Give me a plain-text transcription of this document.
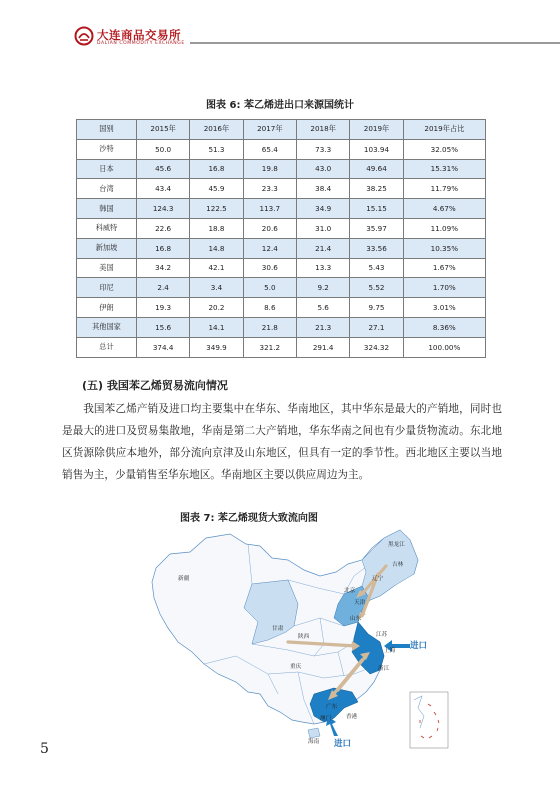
大连商品交易所
DALIAN COMMODITY EXCHANGE
图表 6: 苯乙烯进出口来源国统计
国别	2015年	2016年	2017年	2018年	2019年	2019年占比
沙特	50.0	51.3	65.4	73.3	103.94	32.05%
日本	45.6	16.8	19.8	43.0	49.64	15.31%
台湾	43.4	45.9	23.3	38.4	38.25	11.79%
韩国	124.3	122.5	113.7	34.9	15.15	4.67%
科威特	22.6	18.8	20.6	31.0	35.97	11.09%
新加坡	16.8	14.8	12.4	21.4	33.56	10.35%
美国	34.2	42.1	30.6	13.3	5.43	1.67%
印尼	2.4	3.4	5.0	9.2	5.52	1.70%
伊朗	19.3	20.2	8.6	5.6	9.75	3.01%
其他国家	15.6	14.1	21.8	21.3	27.1	8.36%
总计	374.4	349.9	321.2	291.4	324.32	100.00%
(五) 我国苯乙烯贸易流向情况

我国苯乙烯产销及进口均主要集中在华东、华南地区，其中华东是最大的产销地，同时也是最大的进口及贸易集散地，华南是第二大产销地，华东华南之间也有少量货物流动。东北地区货源除供应本地外，部分流向京津及山东地区，但具有一定的季节性。西北地区主要以当地销售为主，少量销售至华东地区。华南地区主要以供应周边为主。

图表 7: 苯乙烯现货大致流向图
黑龙江
吉林
辽宁
新疆
北京
天津
山东
甘肃
陕西	江苏
上海
浙江
重庆
广东
澳门	香港
海南
进口
进口
5
